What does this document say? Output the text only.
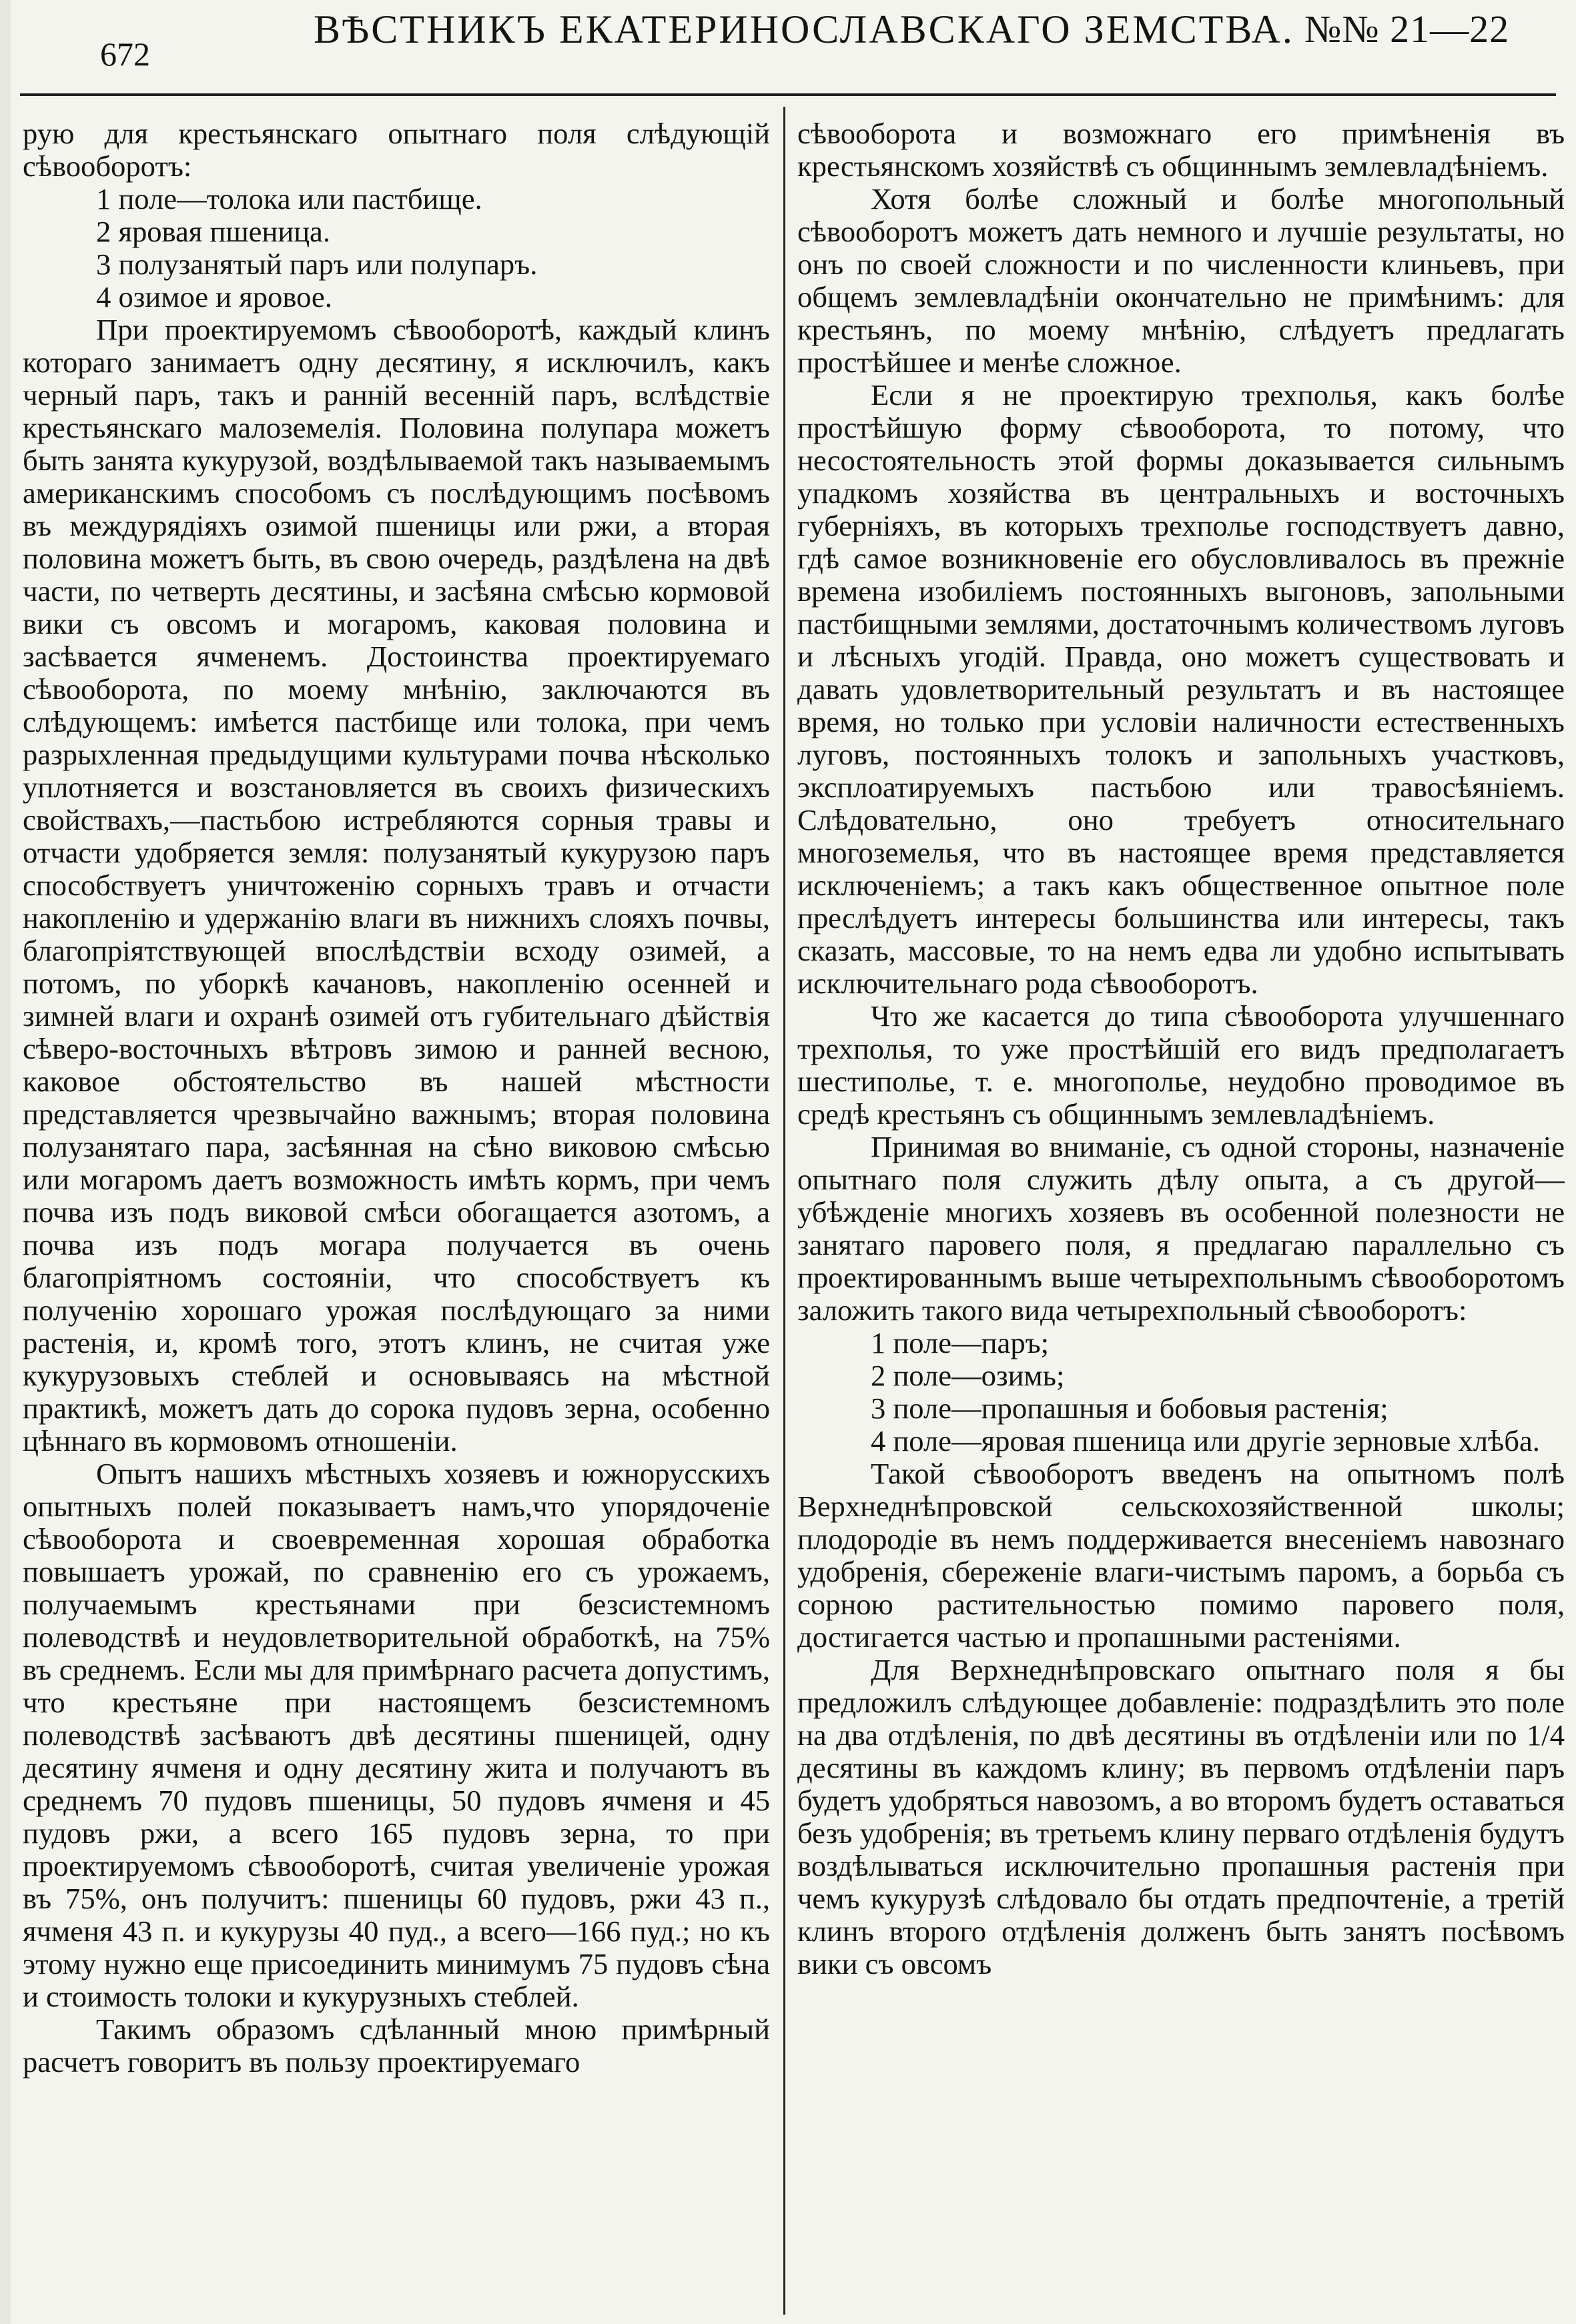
672
ВѢСТНИКЪ ЕКАТЕРИНОСЛАВСКАГО ЗЕМСТВА. №№ 21—22

рую для крестьянскаго опытнаго поля слѣдующій сѣвооборотъ:

1 поле—толока или пастбище.

2 яровая пшеница.

3 полузанятый паръ или полупаръ.

4 озимое и яровое.

При проектируемомъ сѣвооборотѣ, каждый клинъ котораго занимаетъ одну десятину, я исключилъ, какъ черный паръ, такъ и ранній весенній паръ, вслѣдствіе крестьянскаго малоземелія. Половина полупара можетъ быть занята кукурузой, воздѣлываемой такъ называемымъ американскимъ способомъ съ послѣдующимъ посѣвомъ въ междурядіяхъ озимой пшеницы или ржи, а вторая половина можетъ быть, въ свою очередь, раздѣлена на двѣ части, по четверть десятины, и засѣяна смѣсью кормовой вики съ овсомъ и могаромъ, каковая половина и засѣвается ячменемъ. Достоинства проектируемаго сѣвооборота, по моему мнѣнію, заключаются въ слѣдующемъ: имѣется пастбище или толока, при чемъ разрыхленная предыдущими культурами почва нѣсколько уплотняется и возстановляется въ своихъ физическихъ свойствахъ,—пастьбою истребляются сорныя травы и отчасти удобряется земля: полузанятый кукурузою паръ способствуетъ уничтоженію сорныхъ травъ и отчасти накопленію и удержанію влаги въ нижнихъ слояхъ почвы, благопріятствующей впослѣдствіи всходу озимей, а потомъ, по уборкѣ качановъ, накопленію осенней и зимней влаги и охранѣ озимей отъ губительнаго дѣйствія сѣверо-восточныхъ вѣтровъ зимою и ранней весною, каковое обстоятельство въ нашей мѣстности представляется чрезвычайно важнымъ; вторая половина полузанятаго пара, засѣянная на сѣно виковою смѣсью или могаромъ даетъ возможность имѣть кормъ, при чемъ почва изъ подъ виковой смѣси обогащается азотомъ, а почва изъ подъ могара получается въ очень благопріятномъ состояніи, что способствуетъ къ полученію хорошаго урожая послѣдующаго за ними растенія, и, кромѣ того, этотъ клинъ, не считая уже кукурузовыхъ стеблей и основываясь на мѣстной практикѣ, можетъ дать до сорока пудовъ зерна, особенно цѣннаго въ кормовомъ отношеніи.

Опытъ нашихъ мѣстныхъ хозяевъ и южнорусскихъ опытныхъ полей показываетъ намъ,что упорядоченіе сѣвооборота и своевременная хорошая обработка повышаетъ урожай, по сравненію его съ урожаемъ, получаемымъ крестьянами при безсистемномъ полеводствѣ и неудовлетворительной обработкѣ, на 75% въ среднемъ. Если мы для примѣрнаго расчета допустимъ, что крестьяне при настоящемъ безсистемномъ полеводствѣ засѣваютъ двѣ десятины пшеницей, одну десятину ячменя и одну десятину жита и получаютъ въ среднемъ 70 пудовъ пшеницы, 50 пудовъ ячменя и 45 пудовъ ржи, а всего 165 пудовъ зерна, то при проектируемомъ сѣвооборотѣ, считая увеличеніе урожая въ 75%, онъ получитъ: пшеницы 60 пудовъ, ржи 43 п., ячменя 43 п. и кукурузы 40 пуд., а всего—166 пуд.; но къ этому нужно еще присоединить минимумъ 75 пудовъ сѣна и стоимость толоки и кукурузныхъ стеблей.

Такимъ образомъ сдѣланный мною примѣрный расчетъ говоритъ въ пользу проектируемаго

сѣвооборота и возможнаго его примѣненія въ крестьянскомъ хозяйствѣ съ общиннымъ землевладѣніемъ.

Хотя болѣе сложный и болѣе многопольный сѣвооборотъ можетъ дать немного и лучшіе результаты, но онъ по своей сложности и по численности клиньевъ, при общемъ землевладѣніи окончательно не примѣнимъ: для крестьянъ, по моему мнѣнію, слѣдуетъ предлагать простѣйшее и менѣе сложное.

Если я не проектирую трехполья, какъ болѣе простѣйшую форму сѣвооборота, то потому, что несостоятельность этой формы доказывается сильнымъ упадкомъ хозяйства въ центральныхъ и восточныхъ губерніяхъ, въ которыхъ трехполье господствуетъ давно, гдѣ самое возникновеніе его обусловливалось въ прежніе времена изобиліемъ постоянныхъ выгоновъ, запольными пастбищными землями, достаточнымъ количествомъ луговъ и лѣсныхъ угодій. Правда, оно можетъ существовать и давать удовлетворительный результатъ и въ настоящее время, но только при условіи наличности естественныхъ луговъ, постоянныхъ толокъ и запольныхъ участковъ, эксплоатируемыхъ пастьбою или травосѣяніемъ. Слѣдовательно, оно требуетъ относительнаго многоземелья, что въ настоящее время представляется исключеніемъ; а такъ какъ общественное опытное поле преслѣдуетъ интересы большинства или интересы, такъ сказать, массовые, то на немъ едва ли удобно испытывать исключительнаго рода сѣвооборотъ.

Что же касается до типа сѣвооборота улучшеннаго трехполья, то уже простѣйшій его видъ предполагаетъ шестиполье, т. е. многополье, неудобно проводимое въ средѣ крестьянъ съ общиннымъ землевладѣніемъ.

Принимая во вниманіе, съ одной стороны, назначеніе опытнаго поля служить дѣлу опыта, а съ другой—убѣжденіе многихъ хозяевъ въ особенной полезности не занятаго паровего поля, я предлагаю параллельно съ проектированнымъ выше четырехпольнымъ сѣвооборотомъ заложить такого вида четырехпольный сѣвооборотъ:

1 поле—паръ;

2 поле—озимь;

3 поле—пропашныя и бобовыя растенія;

4 поле—яровая пшеница или другіе зерновые хлѣба.

Такой сѣвооборотъ введенъ на опытномъ полѣ Верхнеднѣпровской сельскохозяйственной школы; плодородіе въ немъ поддерживается внесеніемъ навознаго удобренія, сбереженіе влаги-чистымъ паромъ, а борьба съ сорною растительностью помимо паровего поля, достигается частью и пропашными растеніями.

Для Верхнеднѣпровскаго опытнаго поля я бы предложилъ слѣдующее добавленіе: подраздѣлить это поле на два отдѣленія, по двѣ десятины въ отдѣленіи или по 1/4 десятины въ каждомъ клину; въ первомъ отдѣленіи паръ будетъ удобряться навозомъ, а во второмъ будетъ оставаться безъ удобренія; въ третьемъ клину перваго отдѣленія будутъ воздѣлываться исключительно пропашныя растенія при чемъ кукурузѣ слѣдовало бы отдать предпочтеніе, а третій клинъ второго отдѣленія долженъ быть занятъ посѣвомъ вики съ овсомъ
